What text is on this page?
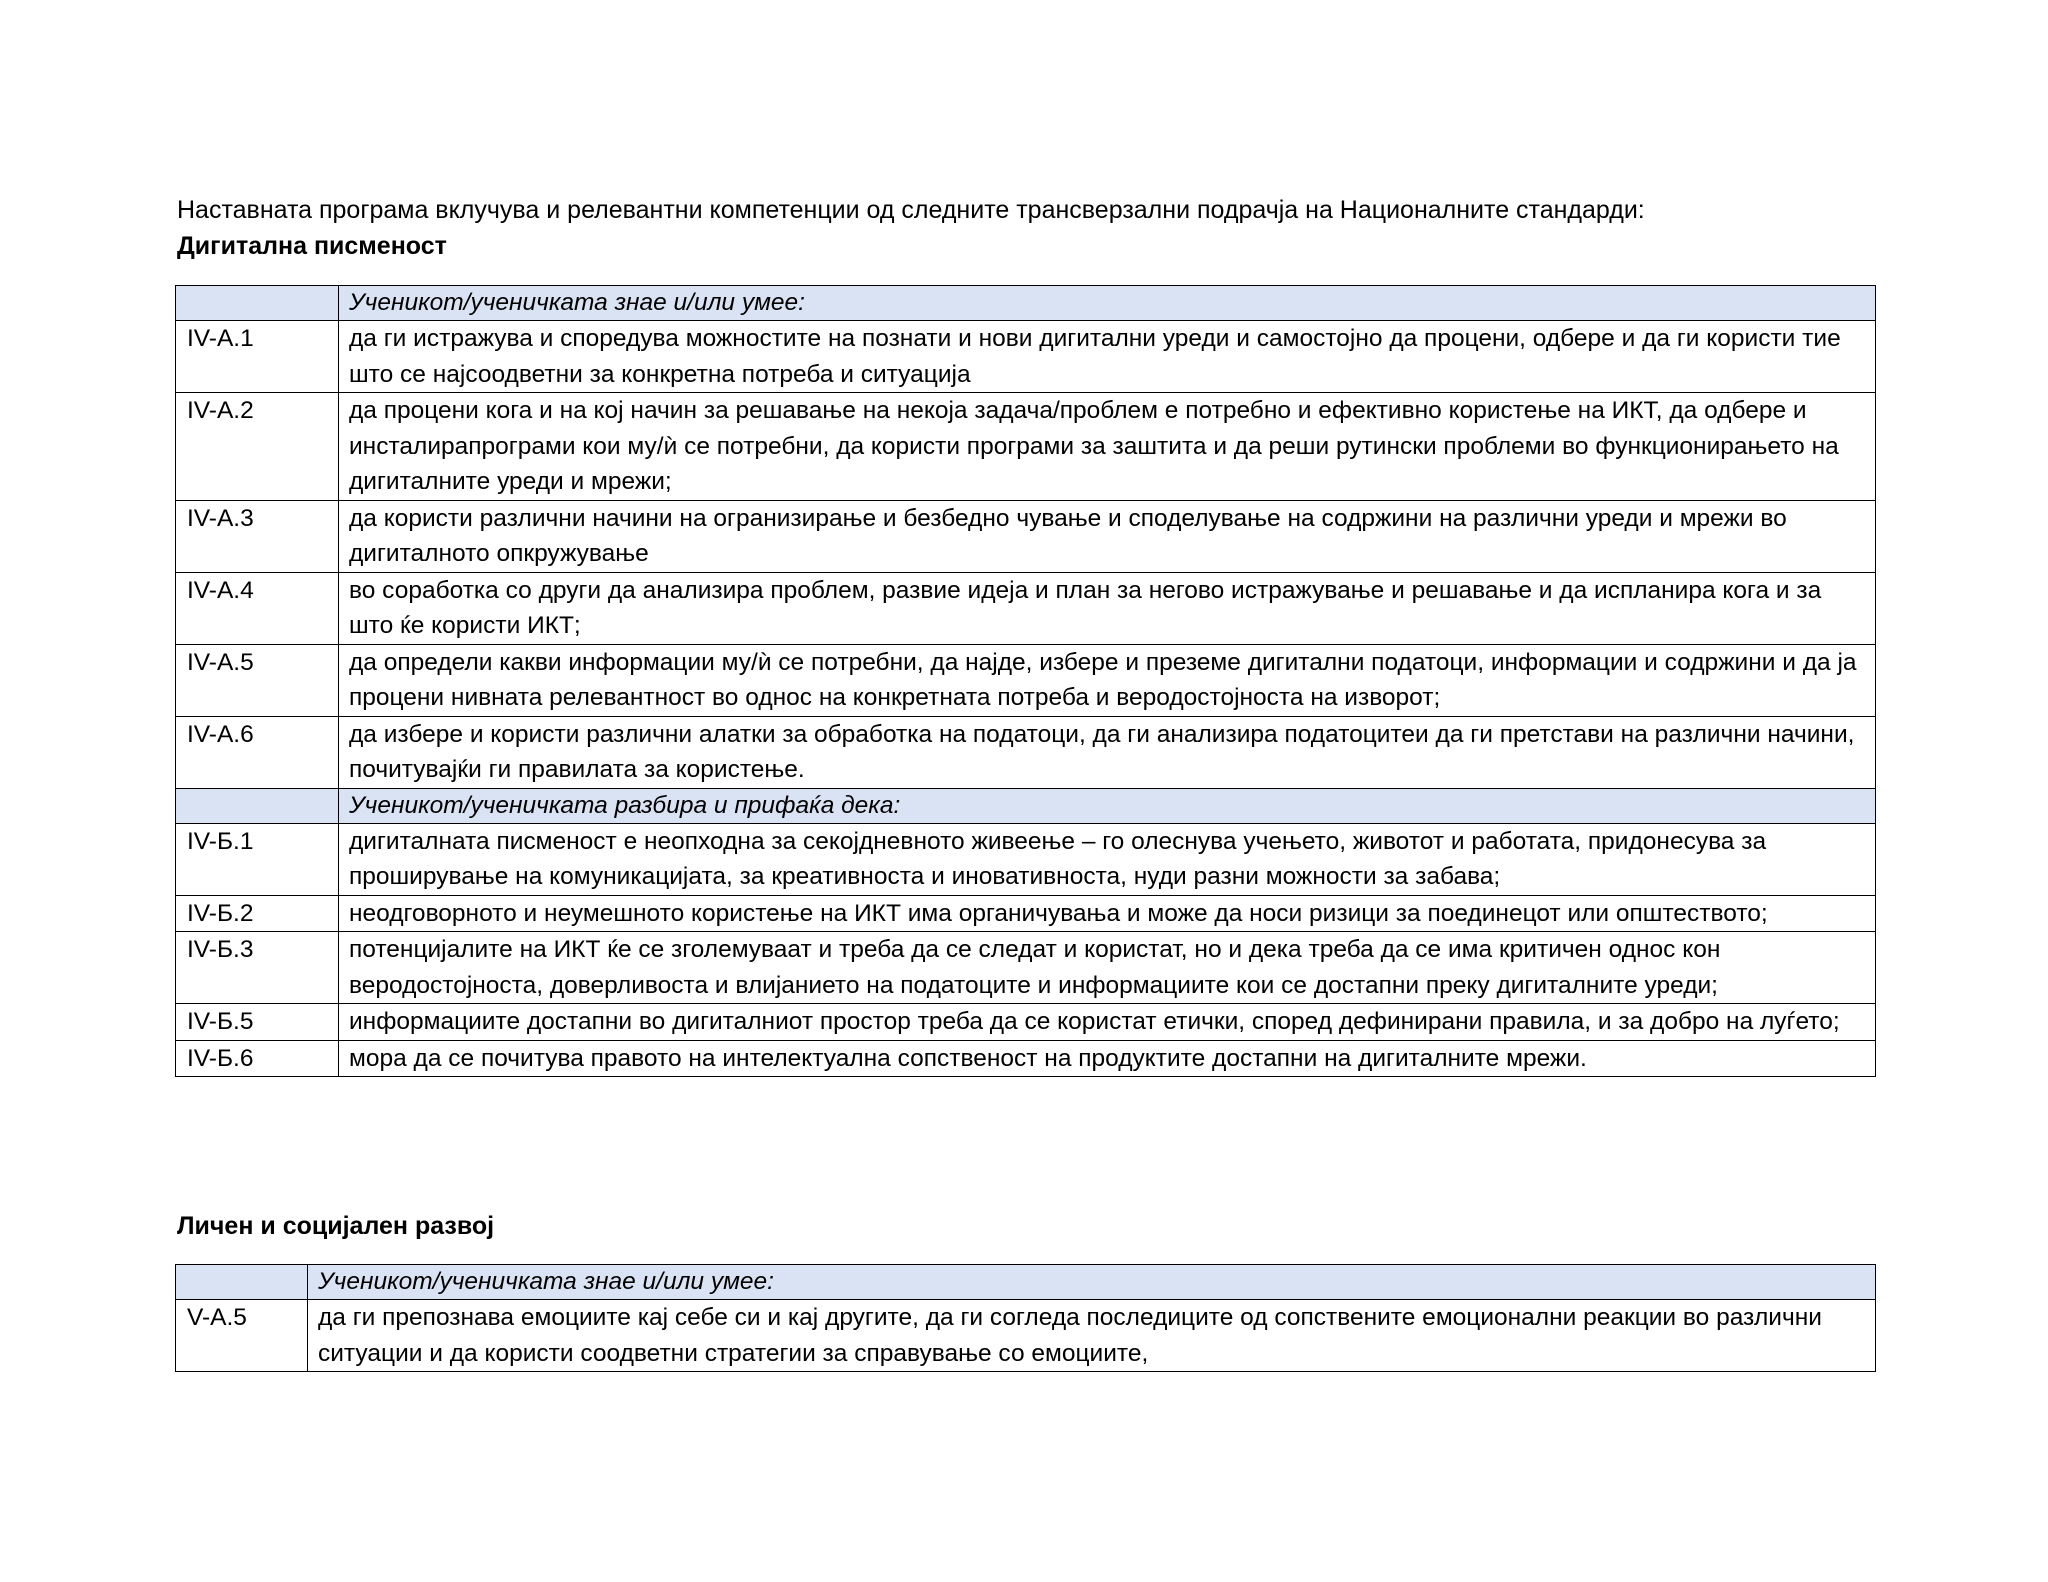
Наставната програма вклучува и релевантни компетенции од следните трансверзални подрачја на Националните стандарди:
Дигитална писменост
	Ученикот/ученичката знае и/или умее:
IV-A.1	да ги истражува и споредува можностите на познати и нови дигитални уреди и самостојно да процени, одбере и да ги користи тие што се најсоодветни за конкретна потреба и ситуација
IV-A.2	да процени кога и на кој начин за решавање на некоја задача/проблем е потребно и ефективно користење на ИКТ, да одбере и инсталирапрограми кои му/ѝ се потребни, да користи програми за заштита и да реши рутински проблеми во функционирањето на дигиталните уреди и мрежи;
IV-A.3	да користи различни начини на огранизирање и безбедно чување и споделување на содржини на различни уреди и мрежи во дигиталното опкружување
IV-A.4	во соработка со други да анализира проблем, развие идеја и план за негово истражување и решавање и да испланира кога и за што ќе користи ИКТ;
IV-A.5	да определи какви информации му/ѝ се потребни, да најде, избере и преземе дигитални податоци, информации и содржини и да ја процени нивната релевантност во однос на конкретната потреба и веродостојноста на изворот;
IV-A.6	да избере и користи различни алатки за обработка на податоци, да ги анализира податоцитеи да ги претстави на различни начини, почитувајќи ги правилата за користење.
	Ученикот/ученичката разбира и прифаќа дека:
IV-Б.1	дигиталната писменост е неопходна за секојдневното живеење – го олеснува учењето, животот и работата, придонесува за проширување на комуникацијата, за креативноста и иновативноста, нуди разни можности за забава;
IV-Б.2	неодговорното и неумешното користење на ИКТ има органичувања и може да носи ризици за поединецот или општеството;
IV-Б.3	потенцијалите на ИКТ ќе се зголемуваат и треба да се следат и користат, но и дека треба да се има критичен однос кон веродостојноста, доверливоста и влијанието на податоците и информациите кои се достапни преку дигиталните уреди;
IV-Б.5	информациите достапни во дигиталниот простор треба да се користат етички, според дефинирани правила, и за добро на луѓето;
IV-Б.6	мора да се почитува правото на интелектуална сопственост на продуктите достапни на дигиталните мрежи.
Личен и социјален развој
	Ученикот/ученичката знае и/или умее:
V-A.5	да ги препознава емоциите кај себе си и кај другите, да ги согледа последиците од сопствените емоционални реакции во различни ситуации и да користи соодветни стратегии за справување со емоциите,
